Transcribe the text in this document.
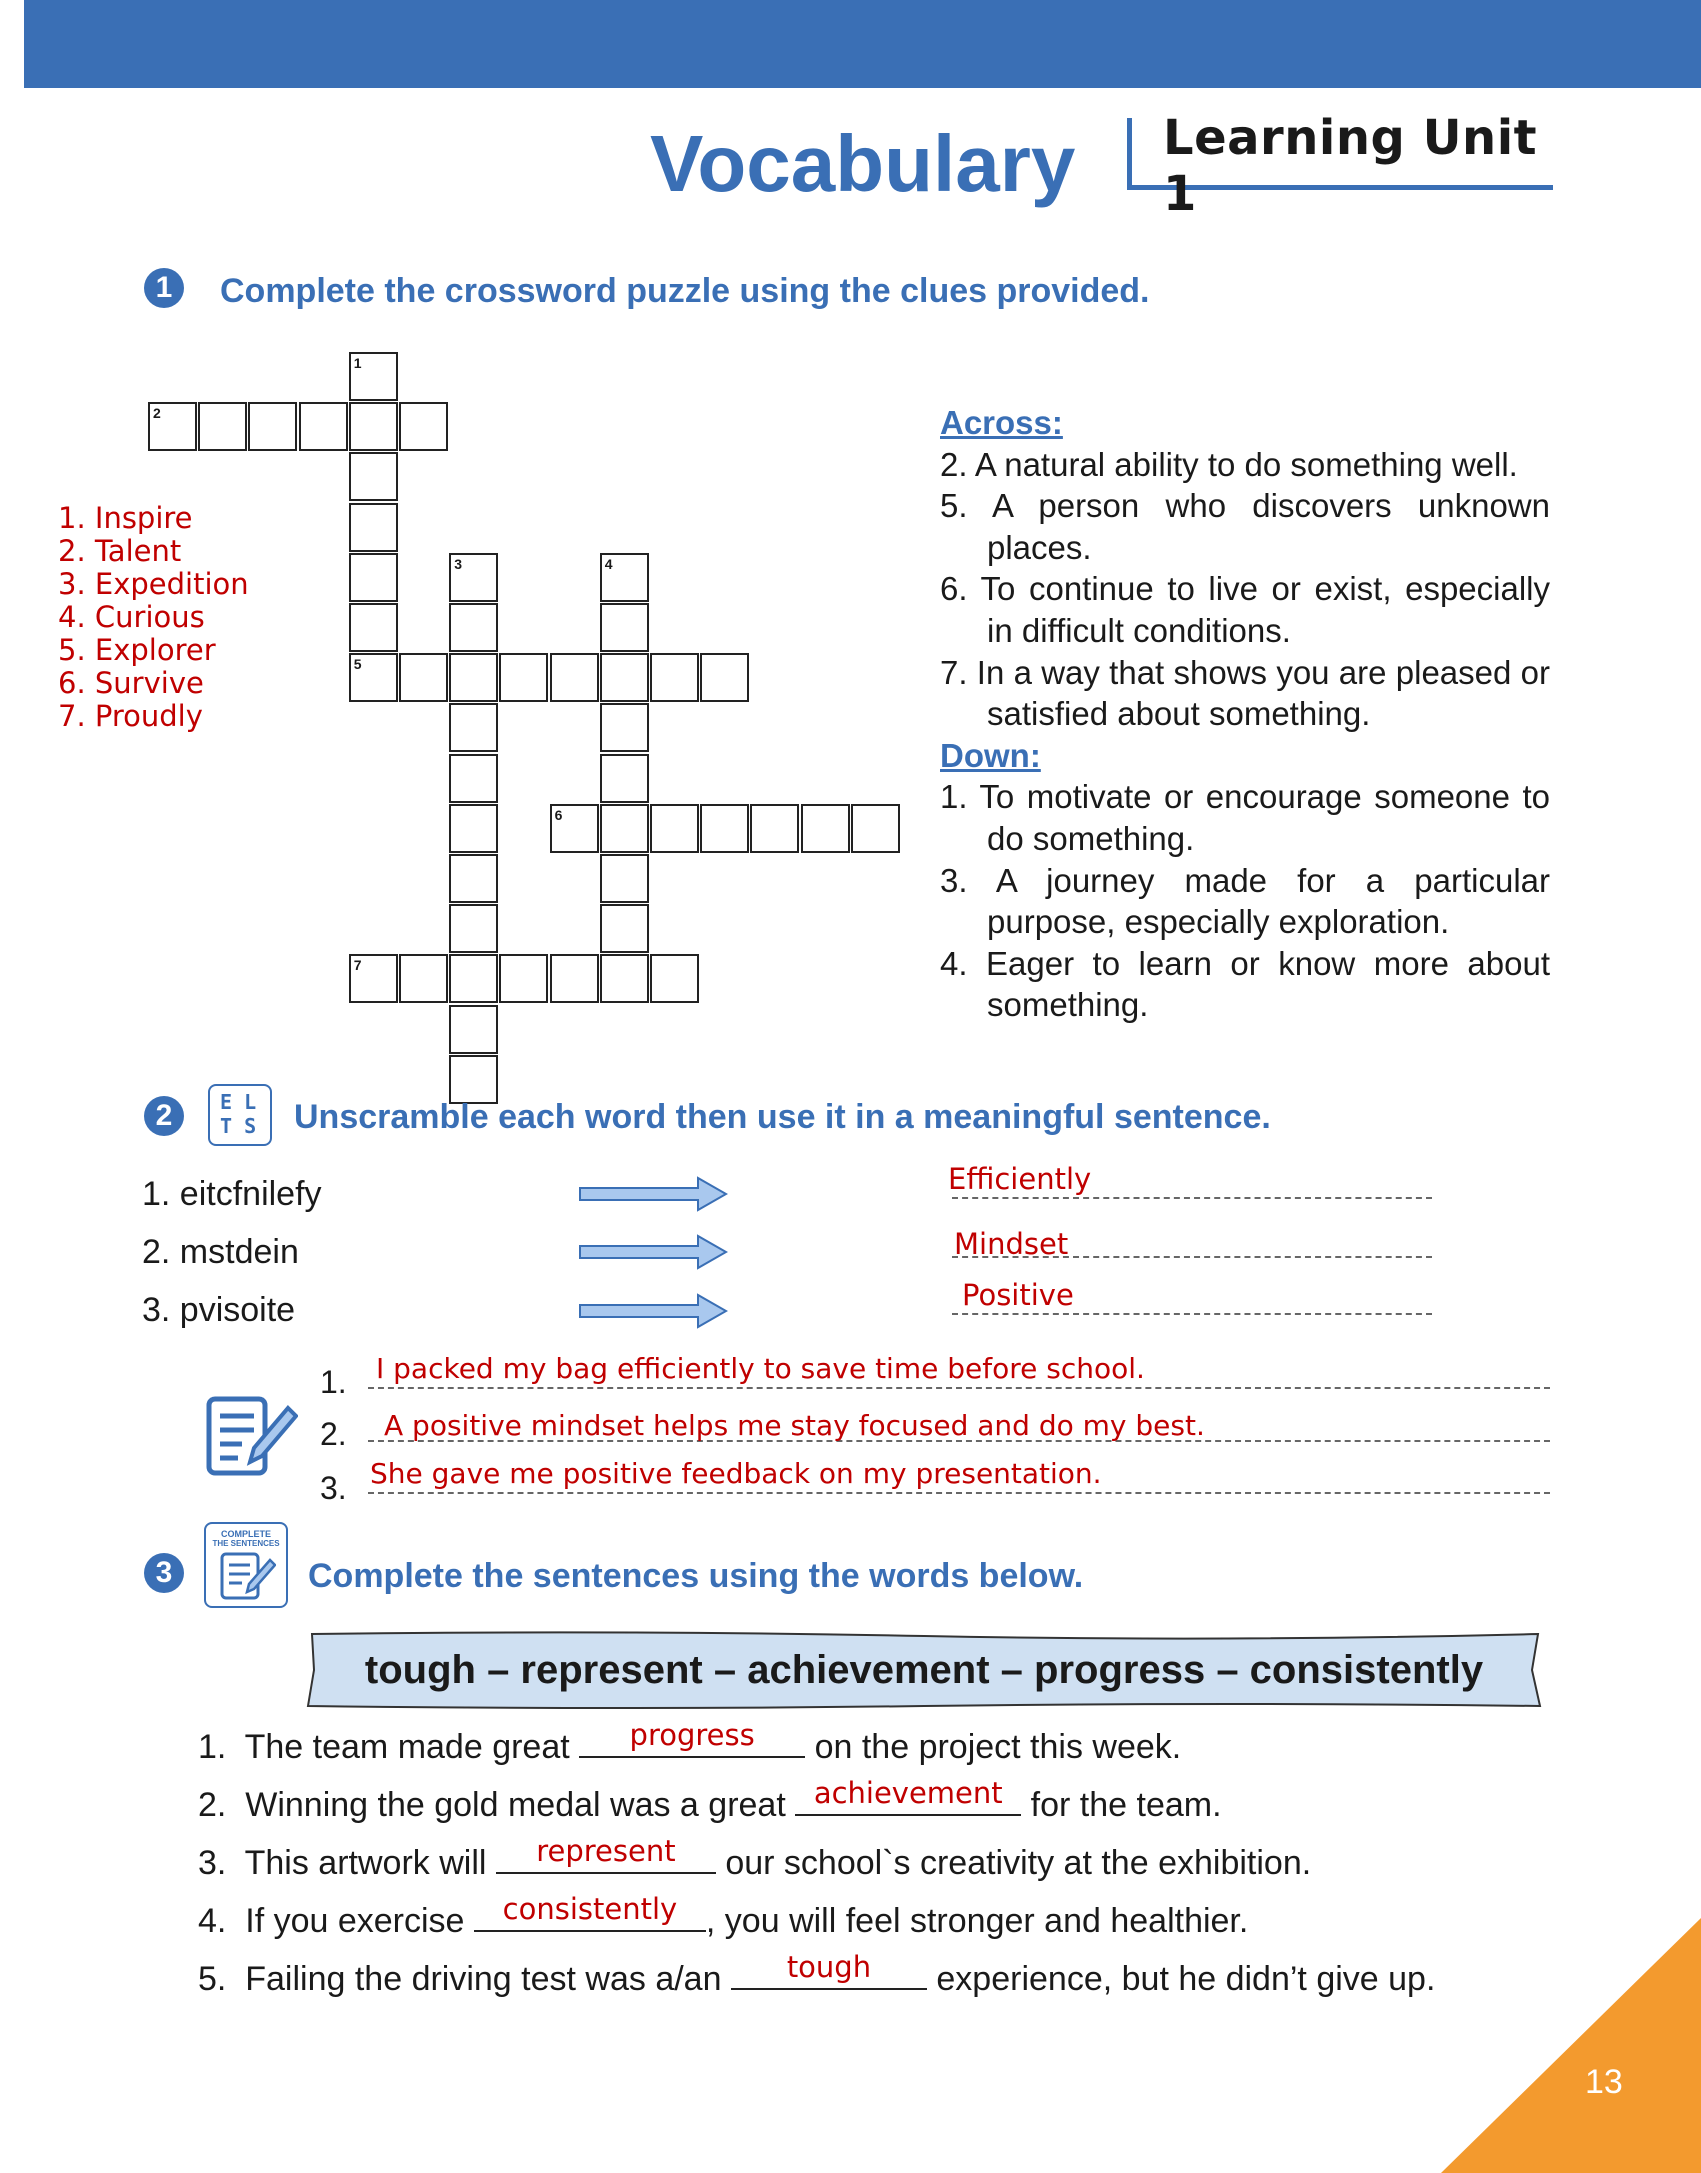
Learning Unit 1
Vocabulary
1	Complete the crossword puzzle using the clues provided.
1. Inspire
2. Talent
3. Expedition
4. Curious
5. Explorer
6. Survive
7. Proudly
1
2
3	4
6
7
5
Across:
2. A natural ability to do something well.
5. A person who discovers unknown places.
6. To continue to live or exist, especially in difficult conditions.
7. In a way that shows you are pleased or satisfied about something.
Down:
1. To motivate or encourage someone to do something.
3. A journey made for a particular purpose, especially exploration.
4. Eager to learn or know more about something.
2	E L
T S Unscramble each word then use it in a meaningful sentence.
1. eitcfnilefy
2. mstdein
3. pvisoite
Efficiently
Mindset
Positive
1.
2.
3.
I packed my bag efficiently to save time before school.
A positive mindset helps me stay focused and do my best.
She gave me positive feedback on my presentation.
3
COMPLETE
THE SENTENCES
Complete the sentences using the words below.
tough – represent – achievement – progress – consistently
1.  The team made great	progress	on the project this week.
2.  Winning the gold medal was a great achievement for the team.
3.  This artwork will	represent	our school`s creativity at the exhibition.
4.  If you exercise consistently , you will feel stronger and healthier.
5.  Failing the driving test was a/an	tough	experience, but he didn’t give up.
13
